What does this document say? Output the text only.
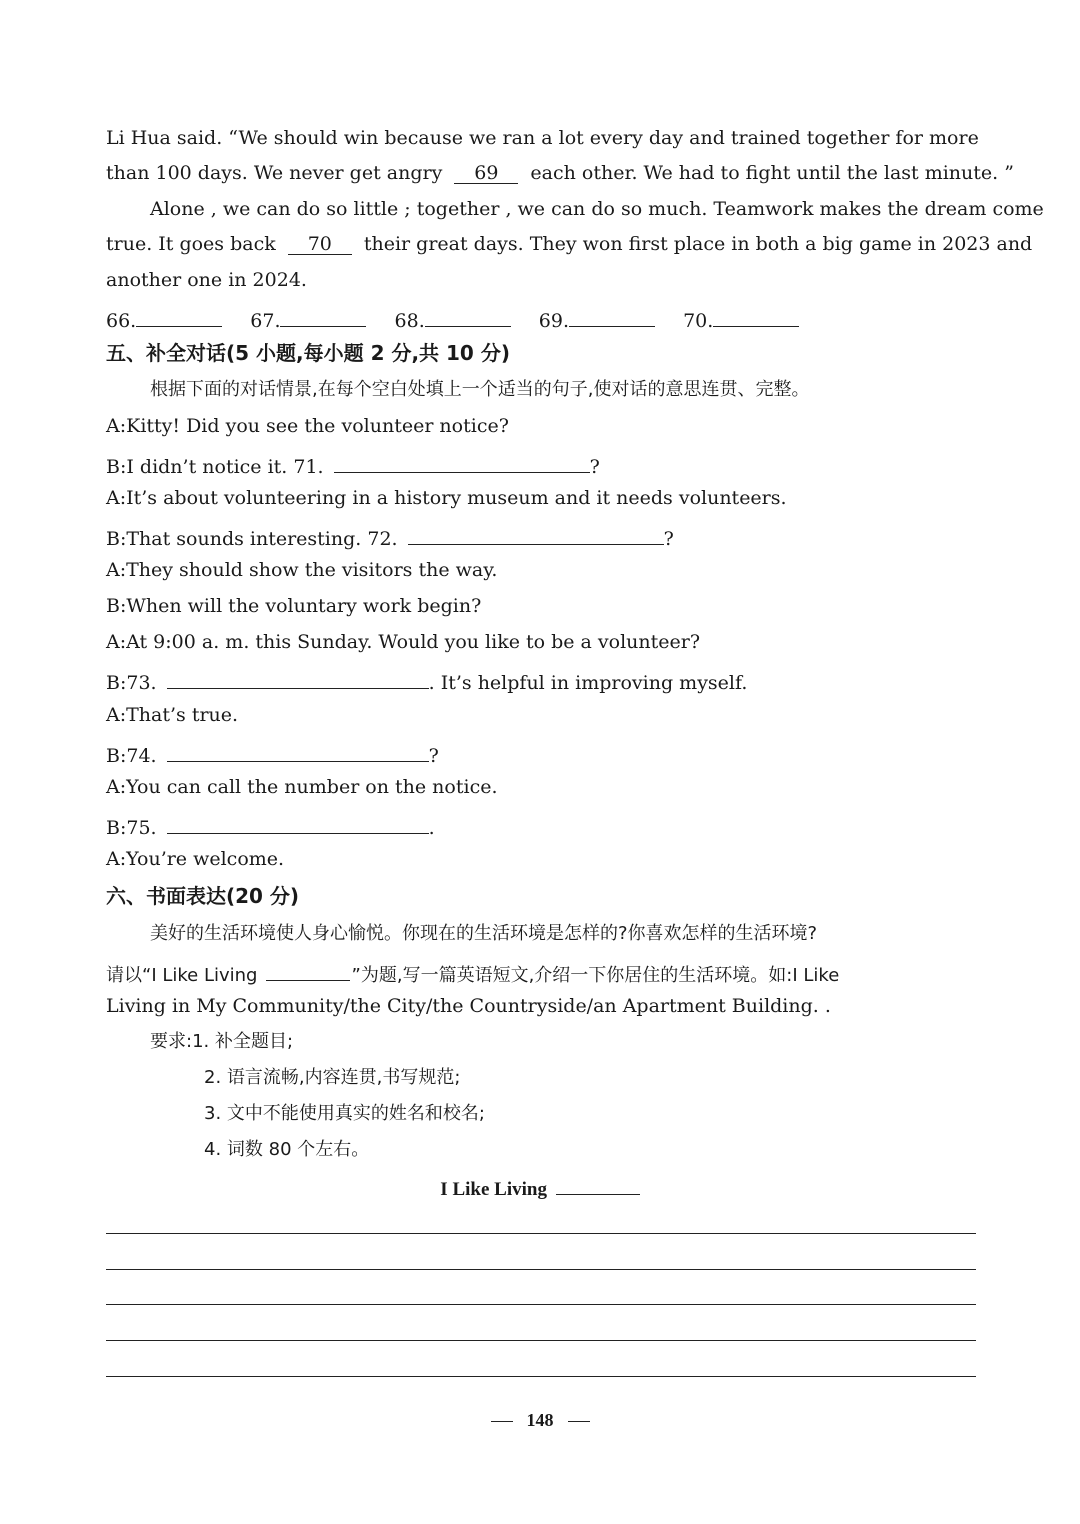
Li Hua said. “We should win because we ran a lot every day and trained together for more
than 100 days. We never get angry 69 each other. We had to fight until the last minute. ”
Alone , we can do so little ; together , we can do so much. Teamwork makes the dream come
true. It goes back 70 their great days. They won first place in both a big game in 2023 and
another one in 2024.
66.	67.	68.	69.	70.
五、补全对话(5 小题,每小题 2 分,共 10 分)
根据下面的对话情景,在每个空白处填上一个适当的句子,使对话的意思连贯、完整。
A:Kitty! Did you see the volunteer notice?
B:I didn’t notice it. 71.	?
A:It’s about volunteering in a history museum and it needs volunteers.
B:That sounds interesting. 72.	?
A:They should show the visitors the way.
B:When will the voluntary work begin?
A:At 9:00 a. m. this Sunday. Would you like to be a volunteer?
B:73.	. It’s helpful in improving myself.
A:That’s true.
B:74.	?
A:You can call the number on the notice.
B:75.	.
A:You’re welcome.
六、书面表达(20 分)
美好的生活环境使人身心愉悦。你现在的生活环境是怎样的?你喜欢怎样的生活环境?
请以“I Like Living	”为题,写一篇英语短文,介绍一下你居住的生活环境。如:I Like
Living in My Community/the City/the Countryside/an Apartment Building. .
要求:1. 补全题目;
2. 语言流畅,内容连贯,书写规范;
3. 文中不能使用真实的姓名和校名;
4. 词数 80 个左右。
I Like Living
148
